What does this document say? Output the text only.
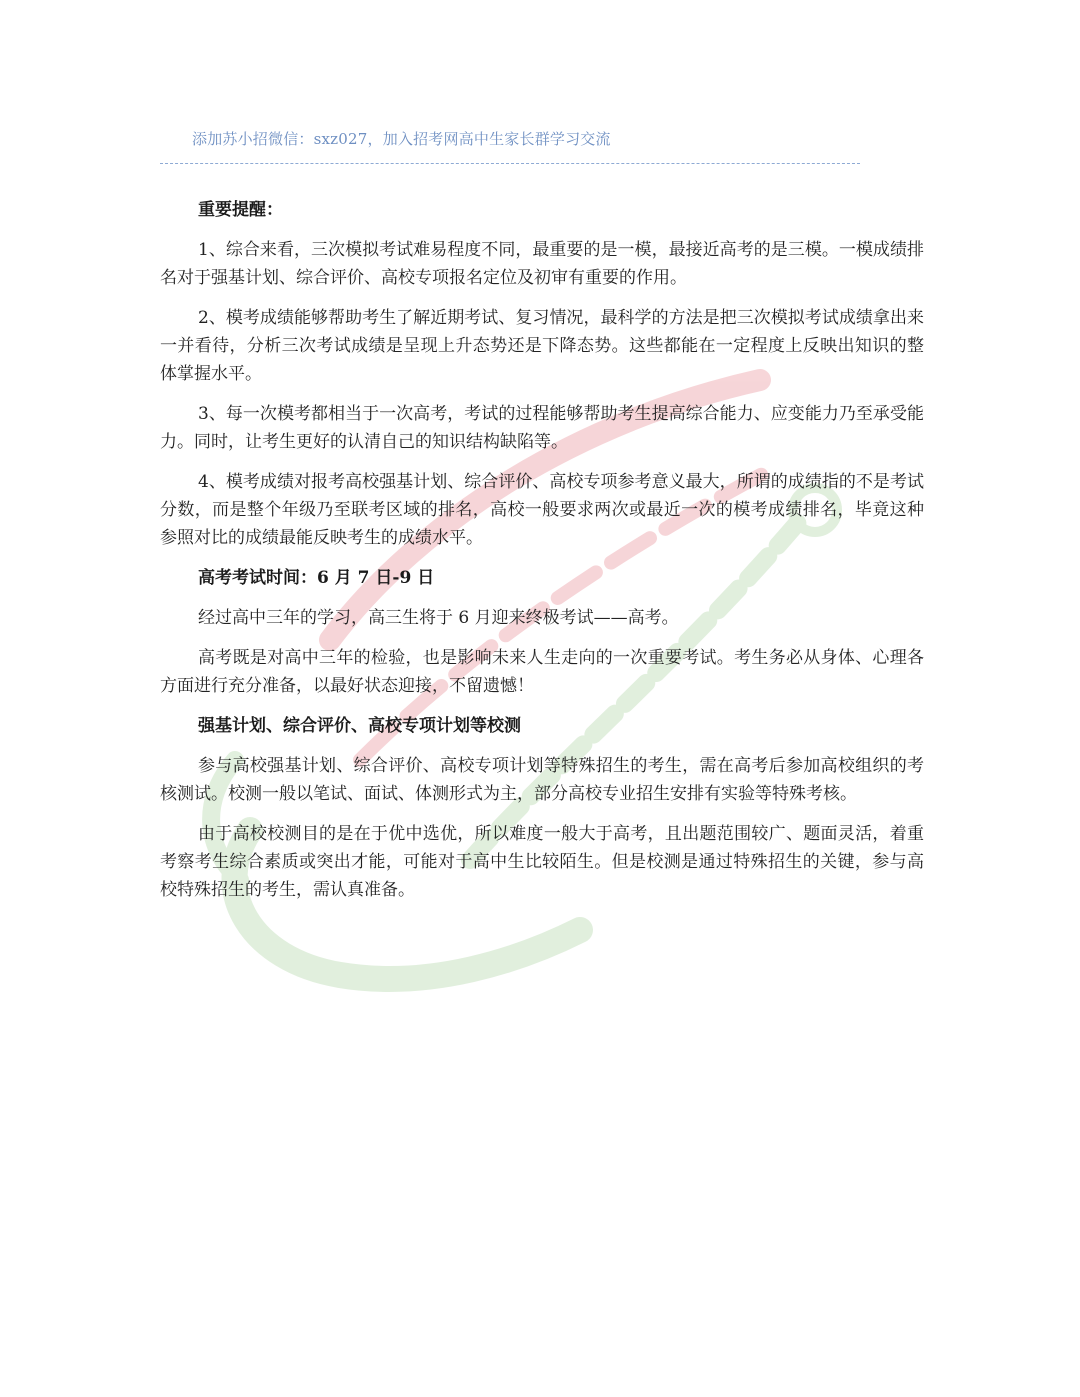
添加苏小招微信：sxz027，加入招考网高中生家长群学习交流
重要提醒：

1、综合来看，三次模拟考试难易程度不同，最重要的是一模，最接近高考的是三模。一模成绩排名对于强基计划、综合评价、高校专项报名定位及初审有重要的作用。

2、模考成绩能够帮助考生了解近期考试、复习情况，最科学的方法是把三次模拟考试成绩拿出来一并看待，分析三次考试成绩是呈现上升态势还是下降态势。这些都能在一定程度上反映出知识的整体掌握水平。

3、每一次模考都相当于一次高考，考试的过程能够帮助考生提高综合能力、应变能力乃至承受能力。同时，让考生更好的认清自己的知识结构缺陷等。

4、模考成绩对报考高校强基计划、综合评价、高校专项参考意义最大，所谓的成绩指的不是考试分数，而是整个年级乃至联考区域的排名，高校一般要求两次或最近一次的模考成绩排名，毕竟这种参照对比的成绩最能反映考生的成绩水平。

高考考试时间：6 月 7 日-9 日

经过高中三年的学习，高三生将于 6 月迎来终极考试——高考。

高考既是对高中三年的检验，也是影响未来人生走向的一次重要考试。考生务必从身体、心理各方面进行充分准备，以最好状态迎接，不留遗憾！

强基计划、综合评价、高校专项计划等校测

参与高校强基计划、综合评价、高校专项计划等特殊招生的考生，需在高考后参加高校组织的考核测试。校测一般以笔试、面试、体测形式为主，部分高校专业招生安排有实验等特殊考核。

由于高校校测目的是在于优中选优，所以难度一般大于高考，且出题范围较广、题面灵活，着重考察考生综合素质或突出才能，可能对于高中生比较陌生。但是校测是通过特殊招生的关键，参与高校特殊招生的考生，需认真准备。
